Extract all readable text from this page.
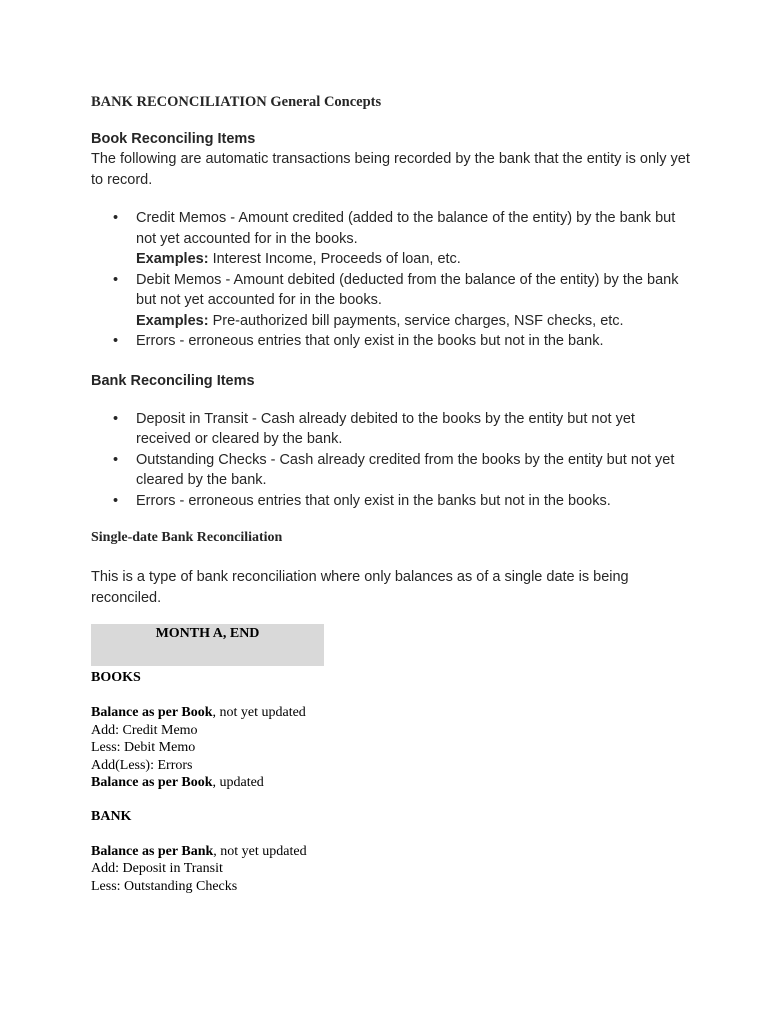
BANK RECONCILIATION General Concepts
Book Reconciling Items

The following are automatic transactions being recorded by the bank that the entity is only yet to record.

• Credit Memos - Amount credited (added to the balance of the entity) by the bank but not yet accounted for in the books.
Examples: Interest Income, Proceeds of loan, etc.
• Debit Memos - Amount debited (deducted from the balance of the entity) by the bank but not yet accounted for in the books.
Examples: Pre-authorized bill payments, service charges, NSF checks, etc.
• Errors - erroneous entries that only exist in the books but not in the bank.
Bank Reconciling Items
• Deposit in Transit - Cash already debited to the books by the entity but not yet received or cleared by the bank.
• Outstanding Checks - Cash already credited from the books by the entity but not yet cleared by the bank.
• Errors - erroneous entries that only exist in the banks but not in the books.
Single-date Bank Reconciliation

This is a type of bank reconciliation where only balances as of a single date is being reconciled.

MONTH A, END

BOOKS

Balance as per Book, not yet updated

Add: Credit Memo

Less: Debit Memo

Add(Less): Errors

Balance as per Book, updated

BANK

Balance as per Bank, not yet updated

Add: Deposit in Transit

Less: Outstanding Checks
